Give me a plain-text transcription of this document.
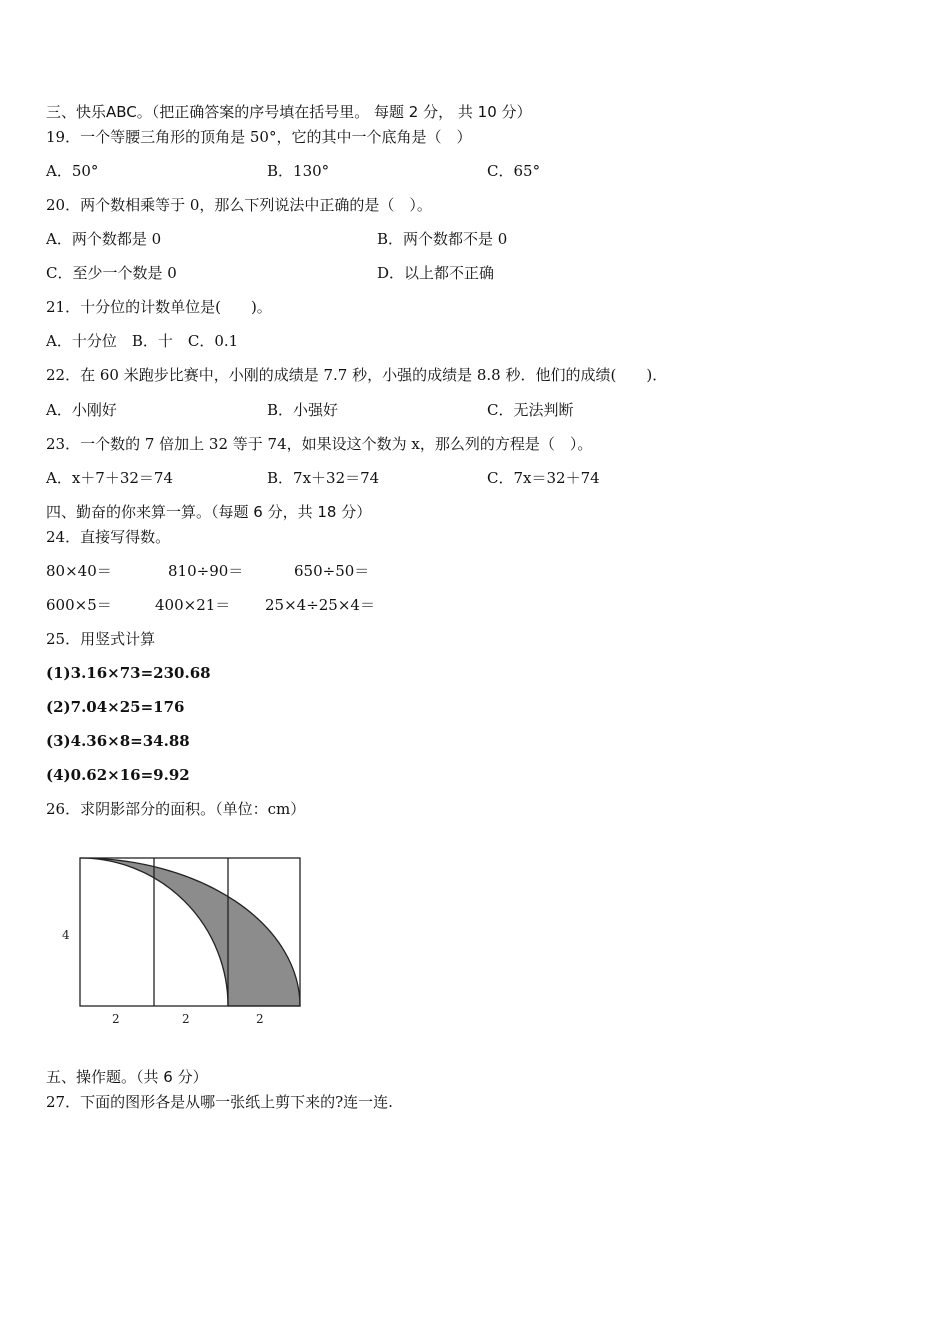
三、快乐ABC。（把正确答案的序号填在括号里。 每题 2 分， 共 10 分）
19．一个等腰三角形的顶角是 50°，它的其中一个底角是（　）
A．50°	B．130°	C．65°
20．两个数相乘等于 0，那么下列说法中正确的是（　）。
A．两个数都是 0	B．两个数都不是 0
C．至少一个数是 0	D．以上都不正确
21．十分位的计数单位是(　　)。
A．十分位　B．十　C．0.1
22．在 60 米跑步比赛中，小刚的成绩是 7.7 秒，小强的成绩是 8.8 秒．他们的成绩(　　)．
A．小刚好	B．小强好	C．无法判断
23．一个数的 7 倍加上 32 等于 74，如果设这个数为 x，那么列的方程是（　）。
A．x＋7＋32＝74	B．7x＋32＝74	C．7x＝32＋74
四、勤奋的你来算一算。（每题 6 分，共 18 分）
24．直接写得数。
80×40＝	810÷90＝	650÷50＝
600×5＝	400×21＝ 25×4÷25×4＝
25．用竖式计算
(1)3.16×73=230.68
(2)7.04×25=176
(3)4.36×8=34.88
(4)0.62×16=9.92
26．求阴影部分的面积。（单位：cm）
4
2	2	2
五、操作题。（共 6 分）
27．下面的图形各是从哪一张纸上剪下来的?连一连.
